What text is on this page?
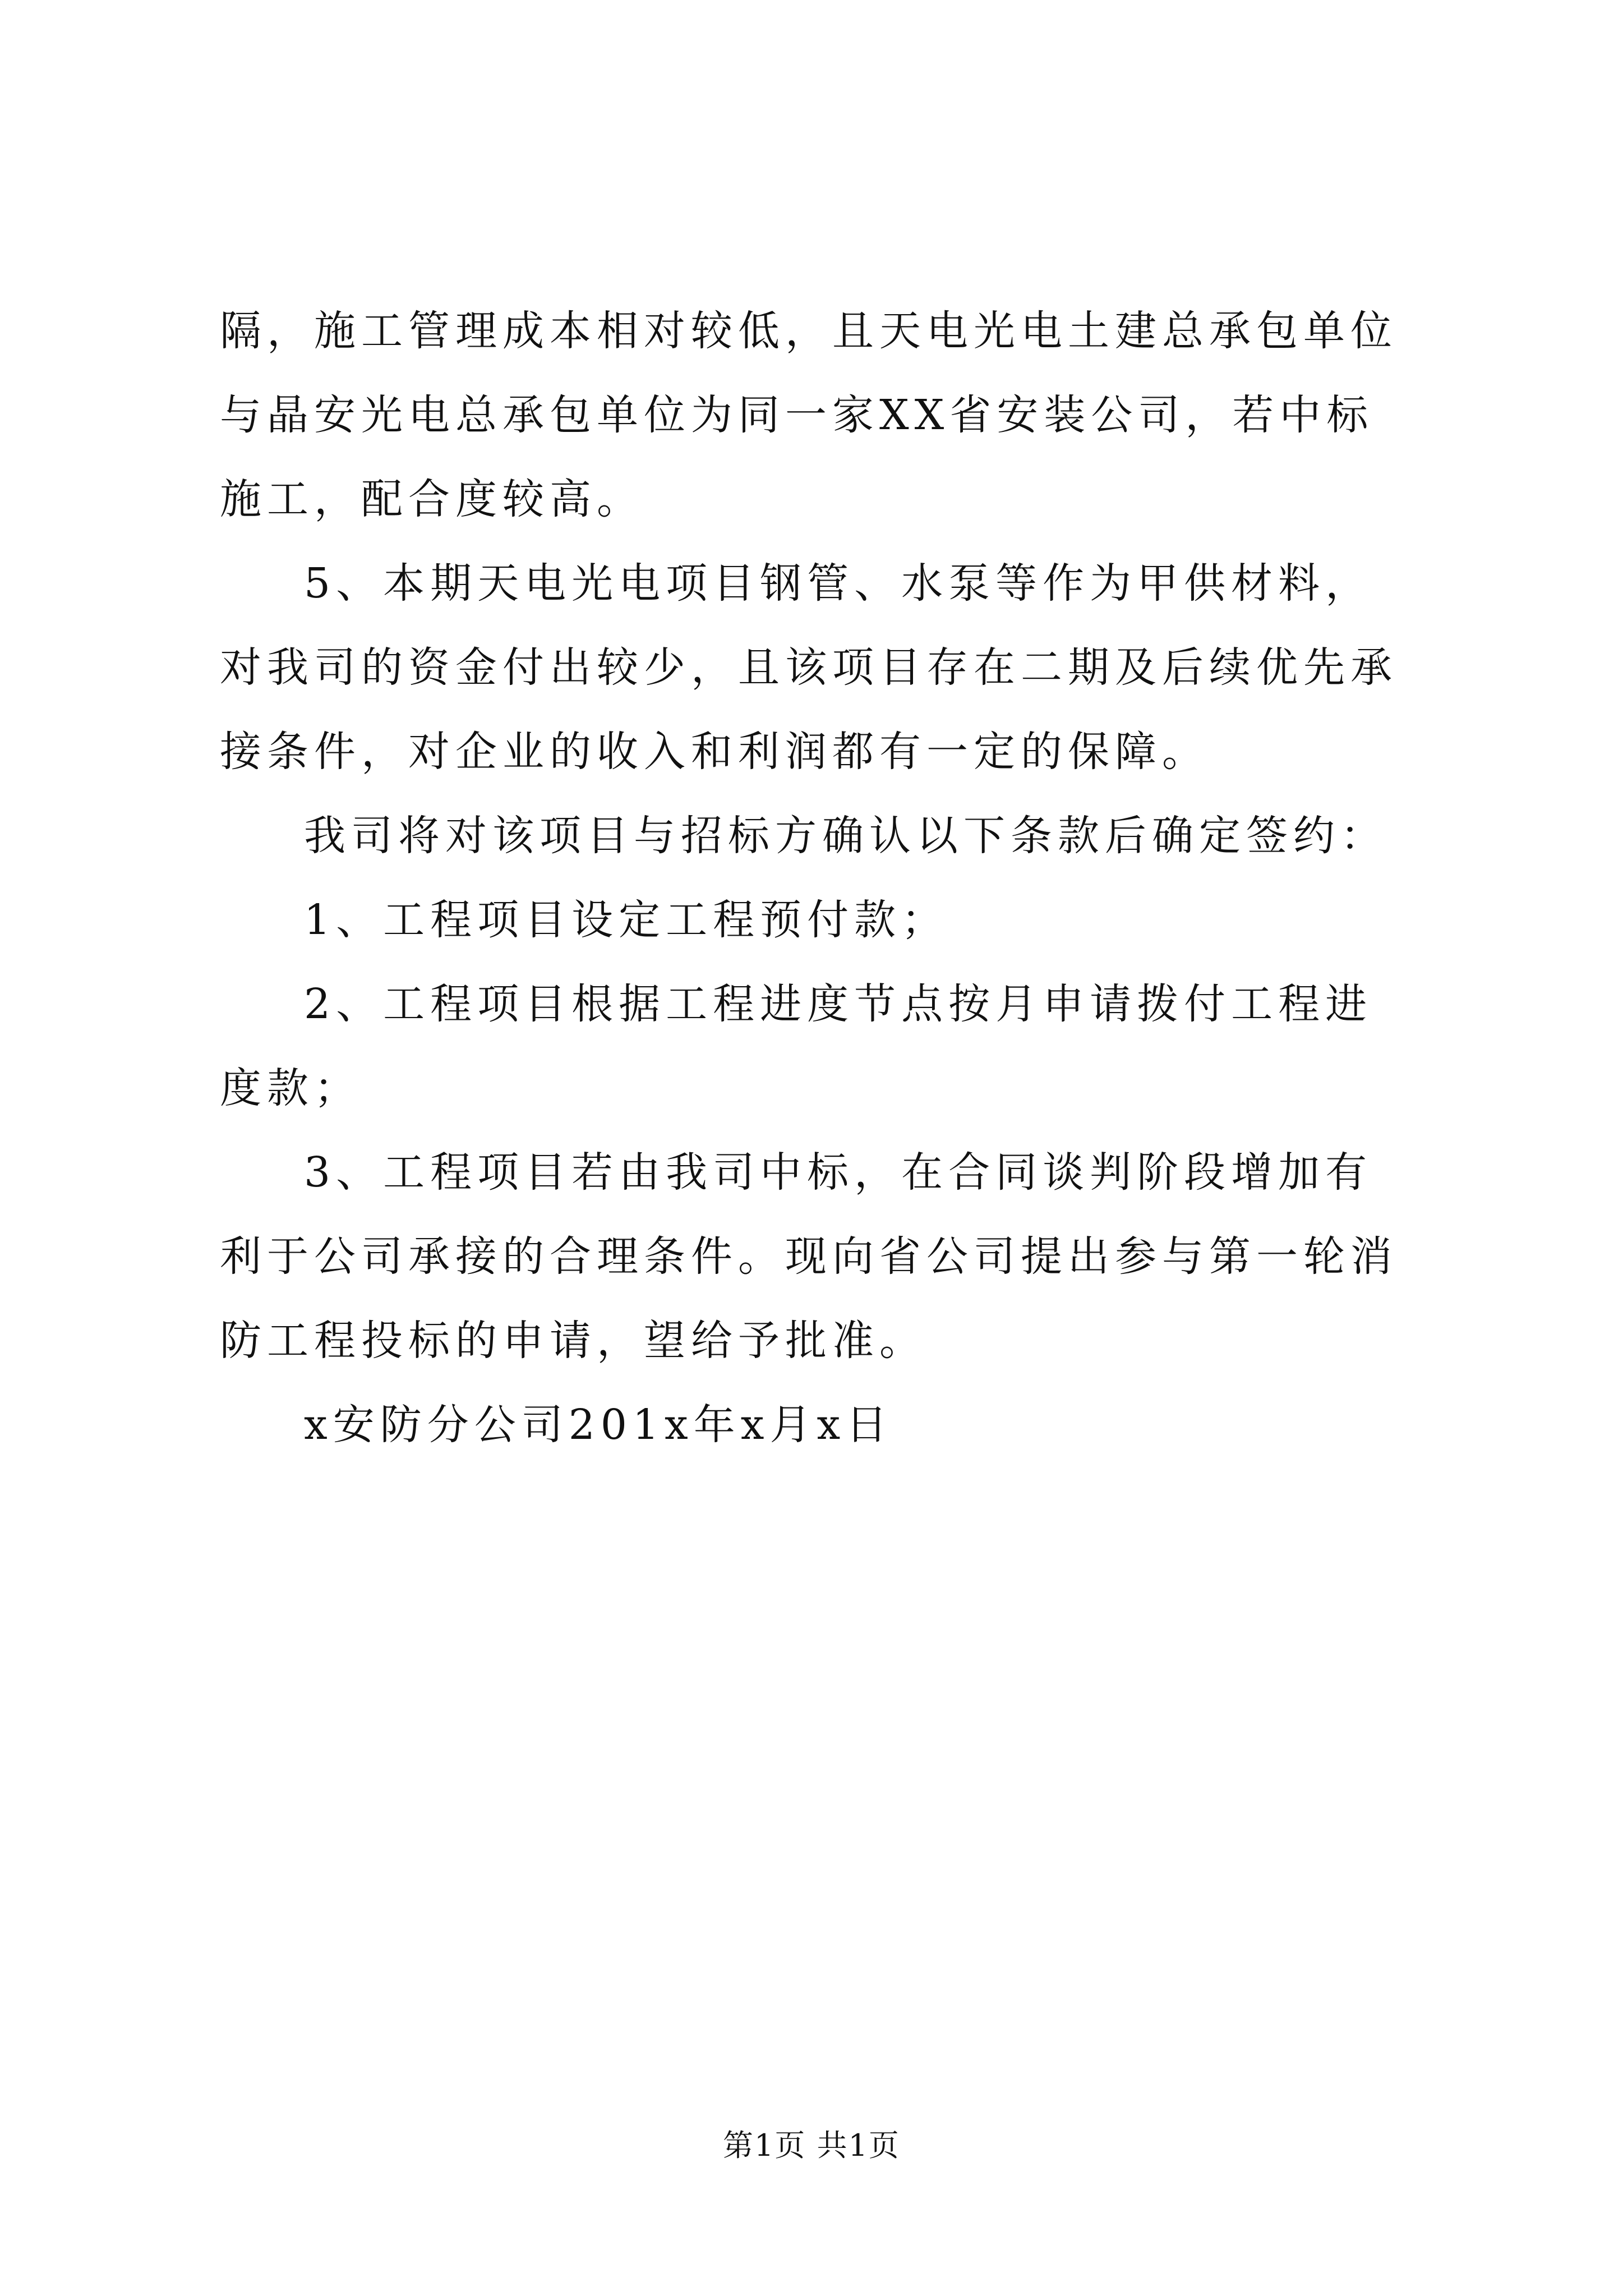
隔，施工管理成本相对较低，且天电光电土建总承包单位与晶安光电总承包单位为同一家XX省安装公司，若中标施工，配合度较高。

5、本期天电光电项目钢管、水泵等作为甲供材料，对我司的资金付出较少，且该项目存在二期及后续优先承接条件，对企业的收入和利润都有一定的保障。

我司将对该项目与招标方确认以下条款后确定签约：

1、工程项目设定工程预付款；

2、工程项目根据工程进度节点按月申请拨付工程进度款；

3、工程项目若由我司中标，在合同谈判阶段增加有利于公司承接的合理条件。现向省公司提出参与第一轮消防工程投标的申请，望给予批准。

x安防分公司201x年x月x日

第1页 共1页
